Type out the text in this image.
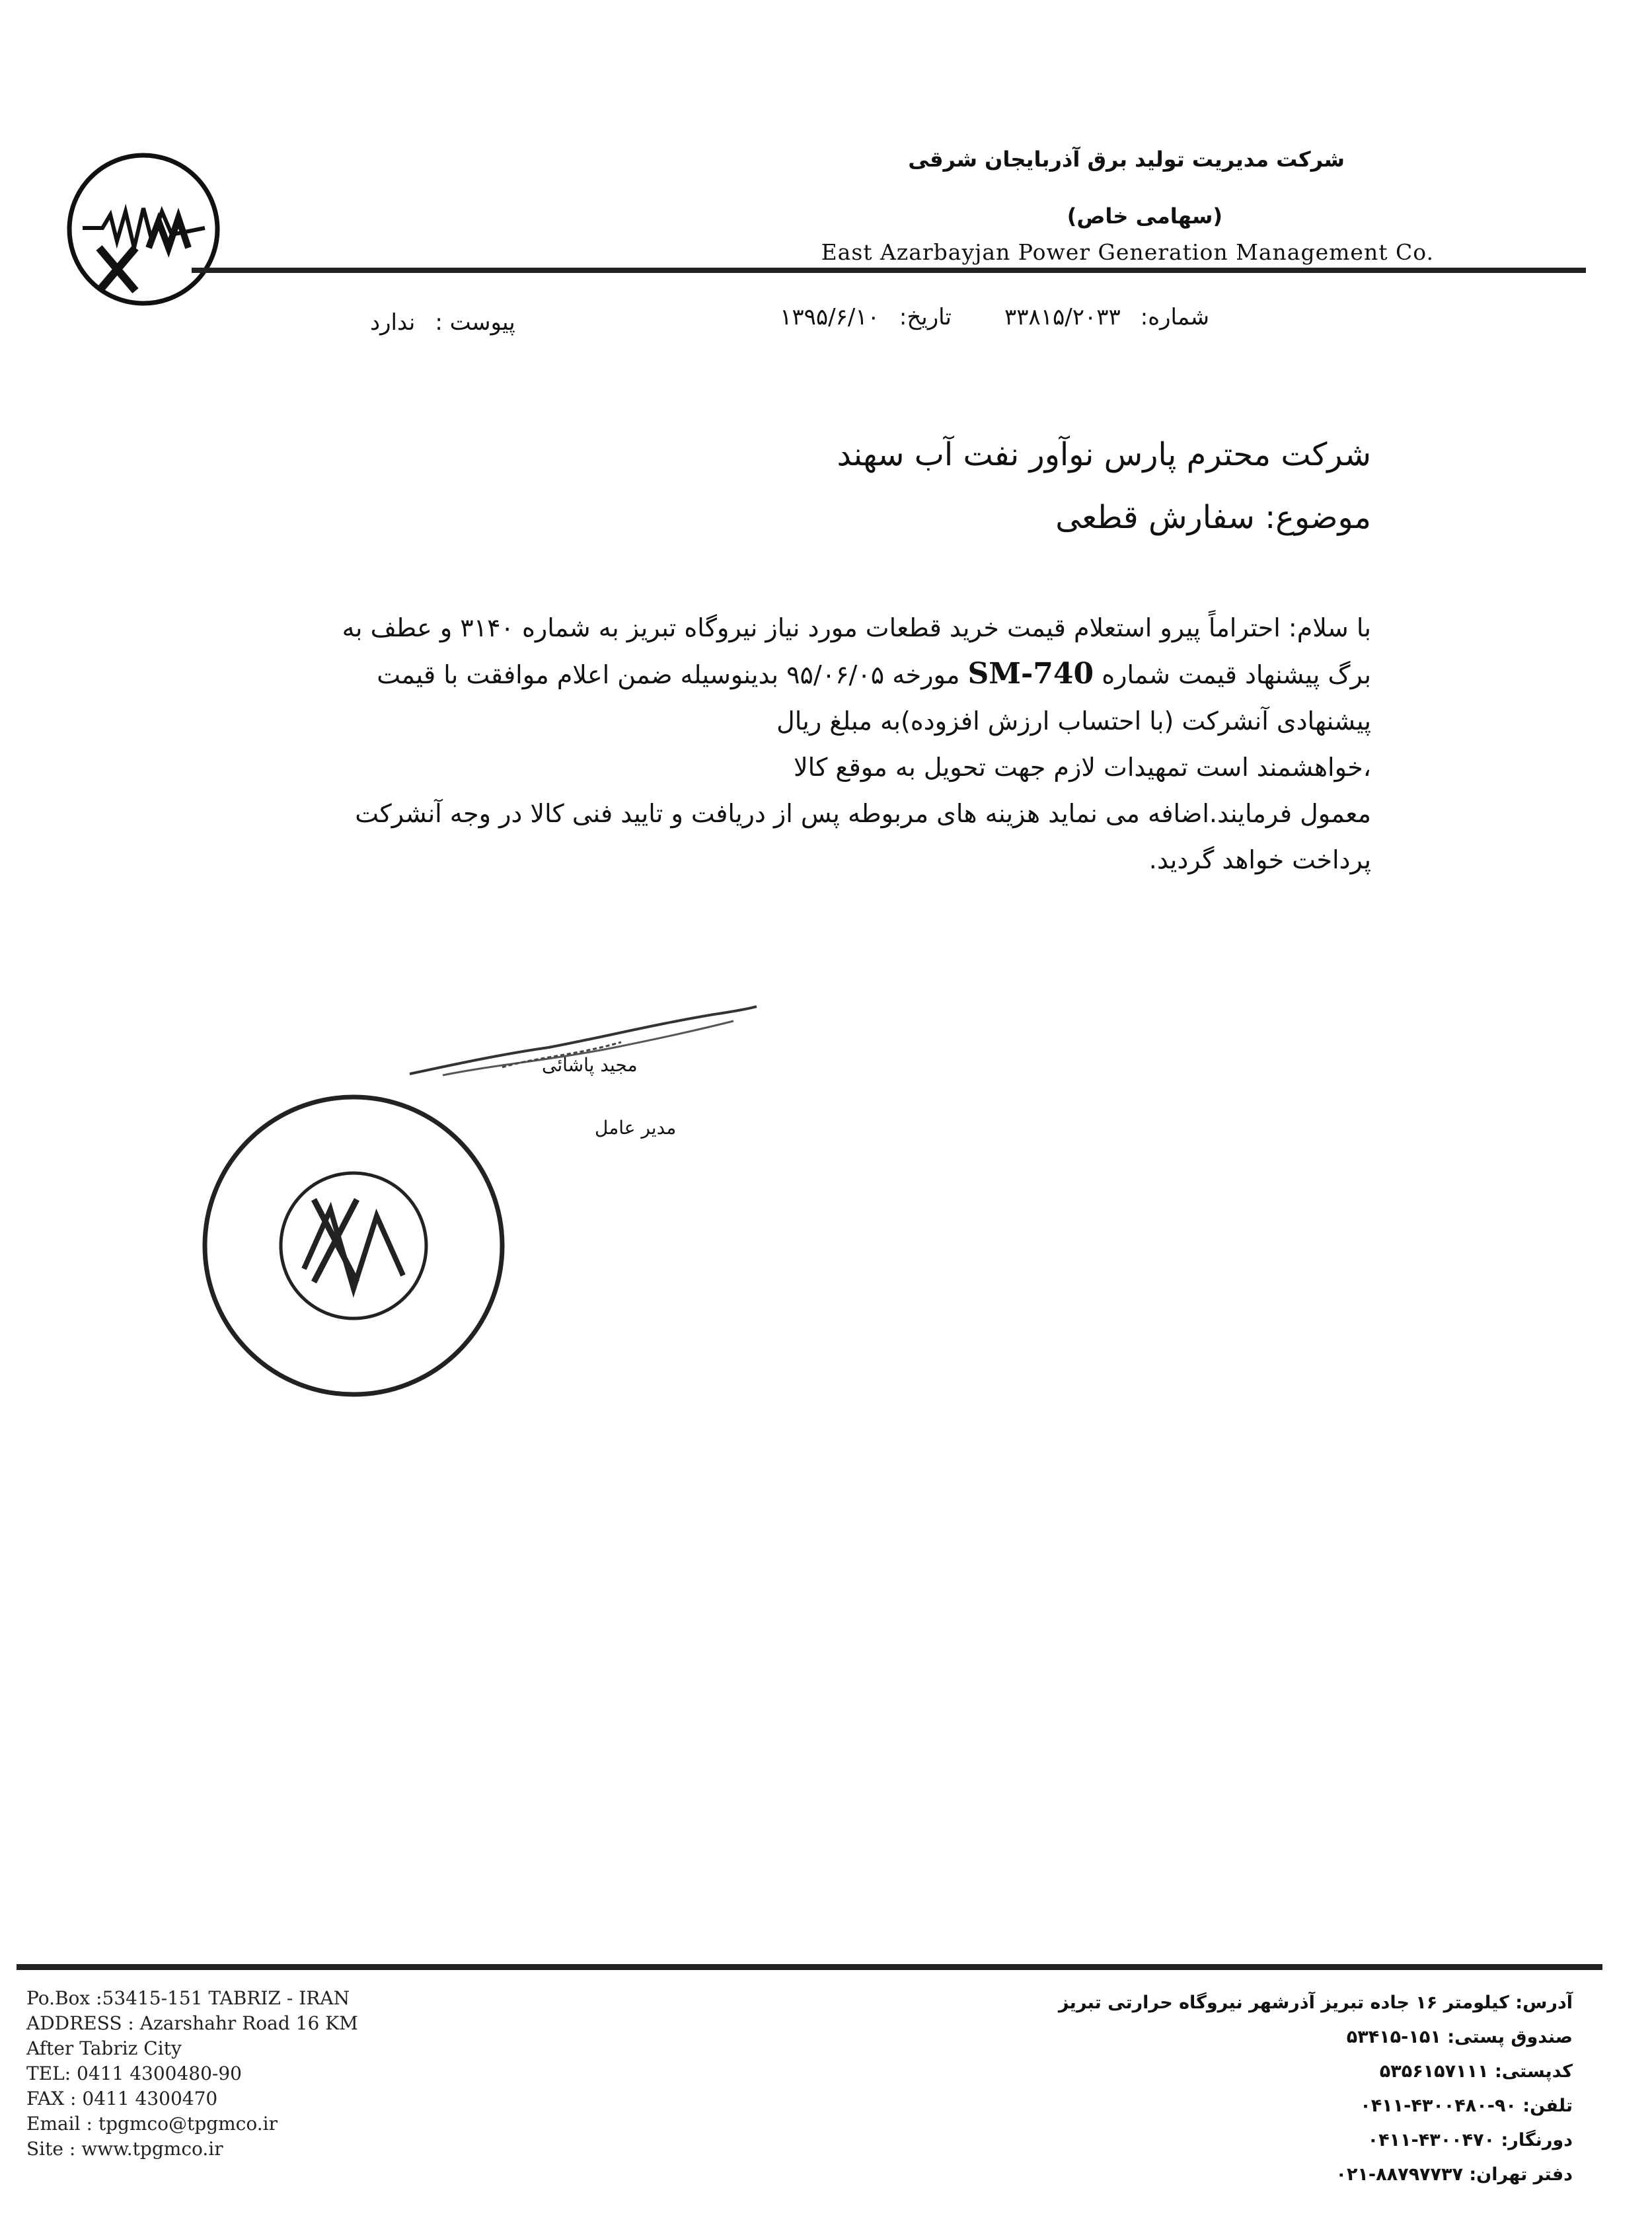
شرکت مدیریت تولید برق آذربایجان شرقی
(سهامی خاص)
East Azarbayjan Power Generation Management Co.
شماره:
۳۳۸۱۵/۲۰۳۳
تاریخ:
۱۳۹۵/۶/۱۰
پیوست :
ندارد
شرکت محترم پارس نوآور نفت آب سهند
موضوع: سفارش قطعی

با سلام: احتراماً پیرو استعلام قیمت خرید قطعات مورد نیاز نیروگاه تبریز به شماره ۳۱۴۰ و عطف به

برگ پیشنهاد قیمت شماره SM-740 مورخه ۹۵/۰۶/۰۵ بدینوسیله ضمن اعلام موافقت با قیمت

پیشنهادی آنشرکت (با احتساب ارزش افزوده)به مبلغ ریال

،خواهشمند است تمهیدات لازم جهت تحویل به موقع کالا

معمول فرمایند.اضافه می نماید هزینه های مربوطه پس از دریافت و تایید فنی کالا در وجه آنشرکت

پرداخت خواهد گردید.

مجید پاشائی
مدیر عامل
Po.Box :53415-151 TABRIZ - IRAN
ADDRESS : Azarshahr Road 16 KM
After Tabriz City
TEL: 0411 4300480-90
FAX : 0411 4300470
Email : tpgmco@tpgmco.ir
Site : www.tpgmco.ir
آدرس: کیلومتر ۱۶ جاده تبریز آذرشهر نیروگاه حرارتی تبریز
صندوق پستی: ۱۵۱-۵۳۴۱۵
کدپستی: ۵۳۵۶۱۵۷۱۱۱
تلفن: ۹۰-۴۳۰۰۴۸۰-۰۴۱۱
دورنگار: ۴۳۰۰۴۷۰-۰۴۱۱
دفتر تهران: ۸۸۷۹۷۷۳۷-۰۲۱
